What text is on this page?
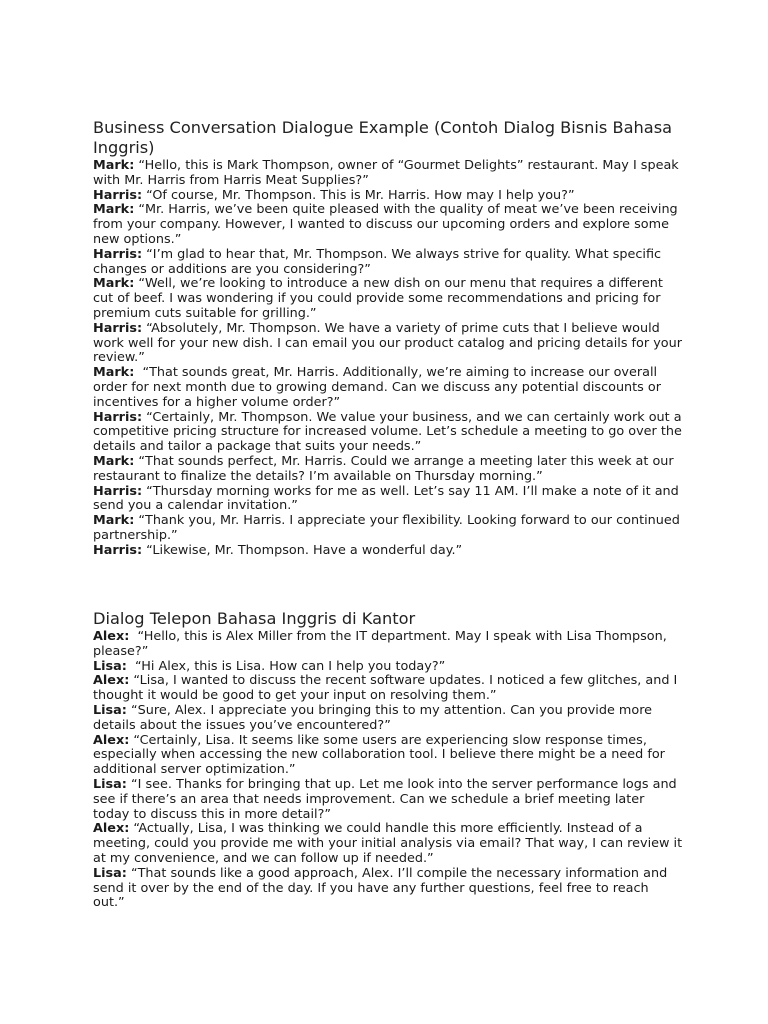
Business Conversation Dialogue Example (Contoh Dialog Bisnis Bahasa Inggris)

Mark: “Hello, this is Mark Thompson, owner of “Gourmet Delights” restaurant. May I speak with Mr. Harris from Harris Meat Supplies?”

Harris: “Of course, Mr. Thompson. This is Mr. Harris. How may I help you?”

Mark: “Mr. Harris, we’ve been quite pleased with the quality of meat we’ve been receiving from your company. However, I wanted to discuss our upcoming orders and explore some new options.”

Harris: “I’m glad to hear that, Mr. Thompson. We always strive for quality. What specific changes or additions are you considering?”

Mark: “Well, we’re looking to introduce a new dish on our menu that requires a different cut of beef. I was wondering if you could provide some recommendations and pricing for premium cuts suitable for grilling.”

Harris: “Absolutely, Mr. Thompson. We have a variety of prime cuts that I believe would work well for your new dish. I can email you our product catalog and pricing details for your review.”

Mark:  “That sounds great, Mr. Harris. Additionally, we’re aiming to increase our overall order for next month due to growing demand. Can we discuss any potential discounts or incentives for a higher volume order?”

Harris: “Certainly, Mr. Thompson. We value your business, and we can certainly work out a competitive pricing structure for increased volume. Let’s schedule a meeting to go over the details and tailor a package that suits your needs.”

Mark: “That sounds perfect, Mr. Harris. Could we arrange a meeting later this week at our restaurant to finalize the details? I’m available on Thursday morning.”

Harris: “Thursday morning works for me as well. Let’s say 11 AM. I’ll make a note of it and send you a calendar invitation.”

Mark: “Thank you, Mr. Harris. I appreciate your flexibility. Looking forward to our continued partnership.”

Harris: “Likewise, Mr. Thompson. Have a wonderful day.”

Dialog Telepon Bahasa Inggris di Kantor

Alex:  “Hello, this is Alex Miller from the IT department. May I speak with Lisa Thompson, please?”

Lisa:  “Hi Alex, this is Lisa. How can I help you today?”

Alex: “Lisa, I wanted to discuss the recent software updates. I noticed a few glitches, and I thought it would be good to get your input on resolving them.”

Lisa: “Sure, Alex. I appreciate you bringing this to my attention. Can you provide more details about the issues you’ve encountered?”

Alex: “Certainly, Lisa. It seems like some users are experiencing slow response times, especially when accessing the new collaboration tool. I believe there might be a need for additional server optimization.”

Lisa: “I see. Thanks for bringing that up. Let me look into the server performance logs and see if there’s an area that needs improvement. Can we schedule a brief meeting later today to discuss this in more detail?”

Alex: “Actually, Lisa, I was thinking we could handle this more efficiently. Instead of a meeting, could you provide me with your initial analysis via email? That way, I can review it at my convenience, and we can follow up if needed.”

Lisa: “That sounds like a good approach, Alex. I’ll compile the necessary information and send it over by the end of the day. If you have any further questions, feel free to reach out.”
